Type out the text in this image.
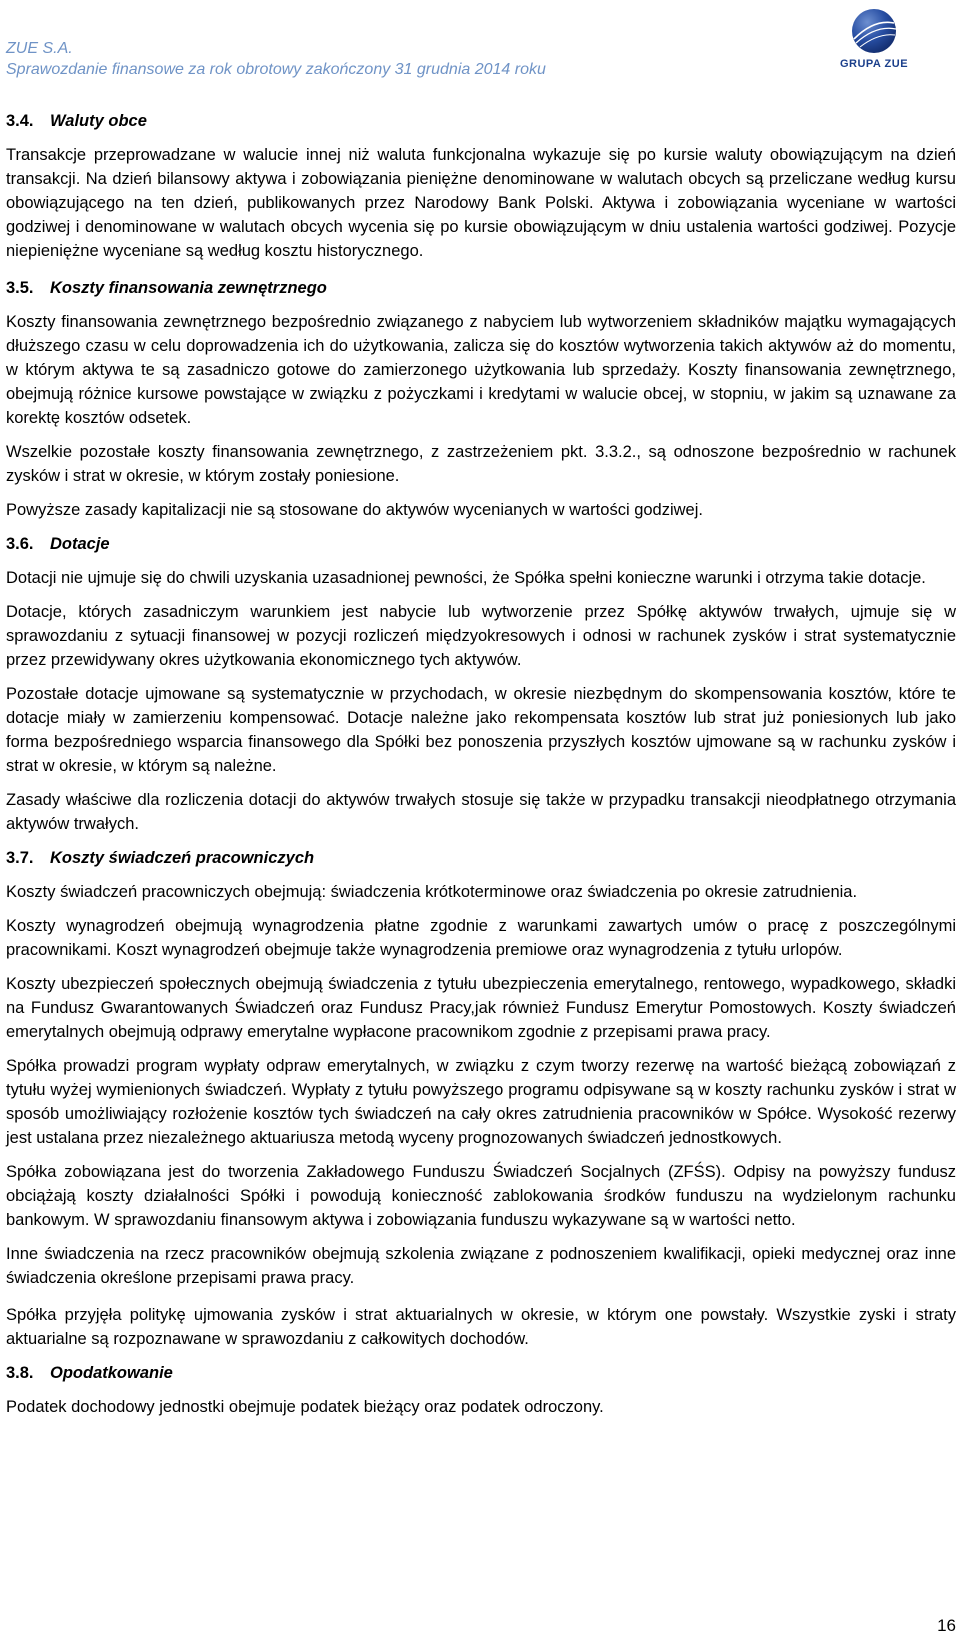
ZUE S.A.
Sprawozdanie finansowe za rok obrotowy zakończony 31 grudnia 2014 roku	GRUPA ZUE
3.4. Waluty obce

Transakcje przeprowadzane w walucie innej niż waluta funkcjonalna wykazuje się po kursie waluty obowiązującym na dzień transakcji. Na dzień bilansowy aktywa i zobowiązania pieniężne denominowane w walutach obcych są przeliczane według kursu obowiązującego na ten dzień, publikowanych przez Narodowy Bank Polski. Aktywa i zobowiązania wyceniane w wartości godziwej i denominowane w walutach obcych wycenia się po kursie obowiązującym w dniu ustalenia wartości godziwej. Pozycje niepieniężne wyceniane są według kosztu historycznego.

3.5. Koszty finansowania zewnętrznego

Koszty finansowania zewnętrznego bezpośrednio związanego z nabyciem lub wytworzeniem składników majątku wymagających dłuższego czasu w celu doprowadzenia ich do użytkowania, zalicza się do kosztów wytworzenia takich aktywów aż do momentu, w którym aktywa te są zasadniczo gotowe do zamierzonego użytkowania lub sprzedaży. Koszty finansowania zewnętrznego, obejmują różnice kursowe powstające w związku z pożyczkami i kredytami w walucie obcej, w stopniu, w jakim są uznawane za korektę kosztów odsetek.

Wszelkie pozostałe koszty finansowania zewnętrznego, z zastrzeżeniem pkt. 3.3.2., są odnoszone bezpośrednio w rachunek zysków i strat w okresie, w którym zostały poniesione.

Powyższe zasady kapitalizacji nie są stosowane do aktywów wycenianych w wartości godziwej.

3.6. Dotacje

Dotacji nie ujmuje się do chwili uzyskania uzasadnionej pewności, że Spółka spełni konieczne warunki i otrzyma takie dotacje.

Dotacje, których zasadniczym warunkiem jest nabycie lub wytworzenie przez Spółkę aktywów trwałych, ujmuje się w sprawozdaniu z sytuacji finansowej w pozycji rozliczeń międzyokresowych i odnosi w rachunek zysków i strat systematycznie przez przewidywany okres użytkowania ekonomicznego tych aktywów.

Pozostałe dotacje ujmowane są systematycznie w przychodach, w okresie niezbędnym do skompensowania kosztów, które te dotacje miały w zamierzeniu kompensować. Dotacje należne jako rekompensata kosztów lub strat już poniesionych lub jako forma bezpośredniego wsparcia finansowego dla Spółki bez ponoszenia przyszłych kosztów ujmowane są w rachunku zysków i strat w okresie, w którym są należne.

Zasady właściwe dla rozliczenia dotacji do aktywów trwałych stosuje się także w przypadku transakcji nieodpłatnego otrzymania aktywów trwałych.

3.7. Koszty świadczeń pracowniczych

Koszty świadczeń pracowniczych obejmują: świadczenia krótkoterminowe oraz świadczenia po okresie zatrudnienia.

Koszty wynagrodzeń obejmują wynagrodzenia płatne zgodnie z warunkami zawartych umów o pracę z poszczególnymi pracownikami. Koszt wynagrodzeń obejmuje także wynagrodzenia premiowe oraz wynagrodzenia z tytułu urlopów.

Koszty ubezpieczeń społecznych obejmują świadczenia z tytułu ubezpieczenia emerytalnego, rentowego, wypadkowego, składki na Fundusz Gwarantowanych Świadczeń oraz Fundusz Pracy,jak również Fundusz Emerytur Pomostowych. Koszty świadczeń emerytalnych obejmują odprawy emerytalne wypłacone pracownikom zgodnie z przepisami prawa pracy.

Spółka prowadzi program wypłaty odpraw emerytalnych, w związku z czym tworzy rezerwę na wartość bieżącą zobowiązań z tytułu wyżej wymienionych świadczeń. Wypłaty z tytułu powyższego programu odpisywane są w koszty rachunku zysków i strat w sposób umożliwiający rozłożenie kosztów tych świadczeń na cały okres zatrudnienia pracowników w Spółce. Wysokość rezerwy jest ustalana przez niezależnego aktuariusza metodą wyceny prognozowanych świadczeń jednostkowych.

Spółka zobowiązana jest do tworzenia Zakładowego Funduszu Świadczeń Socjalnych (ZFŚS). Odpisy na powyższy fundusz obciążają koszty działalności Spółki i powodują konieczność zablokowania środków funduszu na wydzielonym rachunku bankowym. W sprawozdaniu finansowym aktywa i zobowiązania funduszu wykazywane są w wartości netto.

Inne świadczenia na rzecz pracowników obejmują szkolenia związane z podnoszeniem kwalifikacji, opieki medycznej oraz inne świadczenia określone przepisami prawa pracy.

Spółka przyjęła politykę ujmowania zysków i strat aktuarialnych w okresie, w którym one powstały. Wszystkie zyski i straty aktuarialne są rozpoznawane w sprawozdaniu z całkowitych dochodów.

3.8. Opodatkowanie

Podatek dochodowy jednostki obejmuje podatek bieżący oraz podatek odroczony.

16
